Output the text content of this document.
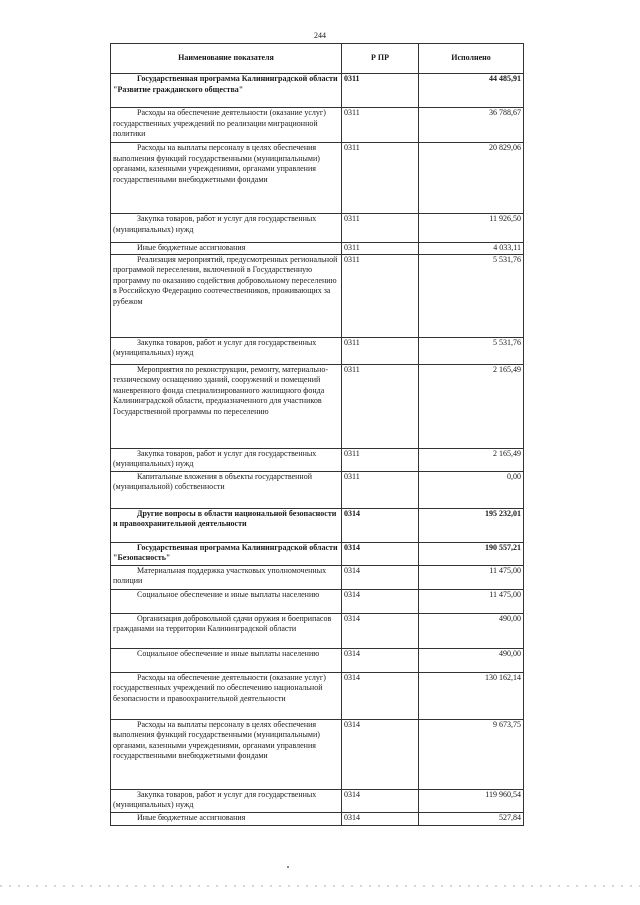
244
Наименование показателя	Р ПР	Исполнено
Государственная программа Калининградской области "Развитие гражданского общества"	0311	44 485,91
Расходы на обеспечение деятельности (оказание услуг) государственных учреждений по реализации миграционной политики	0311	36 788,67
Расходы на выплаты персоналу в целях обеспечения выполнения функций государственными (муниципальными) органами, казенными учреждениями, органами управления государственными внебюджетными фондами	0311	20 829,06
Закупка товаров, работ и услуг для государственных (муниципальных) нужд	0311	11 926,50
Иные бюджетные ассигнования	0311	4 033,11
Реализация мероприятий, предусмотренных региональной программой переселения, включенной в Государственную программу по оказанию содействия добровольному переселению в Российскую Федерацию соотечественников, проживающих за рубежом	0311	5 531,76
Закупка товаров, работ и услуг для государственных (муниципальных) нужд	0311	5 531,76
Мероприятия по реконструкции, ремонту, материально-техническому оснащению зданий, сооружений и помещений маневренного фонда специализированного жилищного фонда Калининградской области, предназначенного для участников Государственной программы по переселению	0311	2 165,49
Закупка товаров, работ и услуг для государственных (муниципальных) нужд	0311	2 165,49
Капитальные вложения в объекты государственной (муниципальной) собственности	0311	0,00
Другие вопросы в области национальной безопасности и правоохранительной деятельности	0314	195 232,01
Государственная программа Калининградской области "Безопасность"	0314	190 557,21
Материальная поддержка участковых уполномоченных полиции	0314	11 475,00
Социальное обеспечение и иные выплаты населению	0314	11 475,00
Организация добровольной сдачи оружия и боеприпасов гражданами на территории Калининградской области	0314	490,00
Социальное обеспечение и иные выплаты населению	0314	490,00
Расходы на обеспечение деятельности (оказание услуг) государственных учреждений по обеспечению национальной безопасности и правоохранительной деятельности	0314	130 162,14
Расходы на выплаты персоналу в целях обеспечения выполнения функций государственными (муниципальными) органами, казенными учреждениями, органами управления государственными внебюджетными фондами	0314	9 673,75
Закупка товаров, работ и услуг для государственных (муниципальных) нужд	0314	119 960,54
Иные бюджетные ассигнования	0314	527,84
